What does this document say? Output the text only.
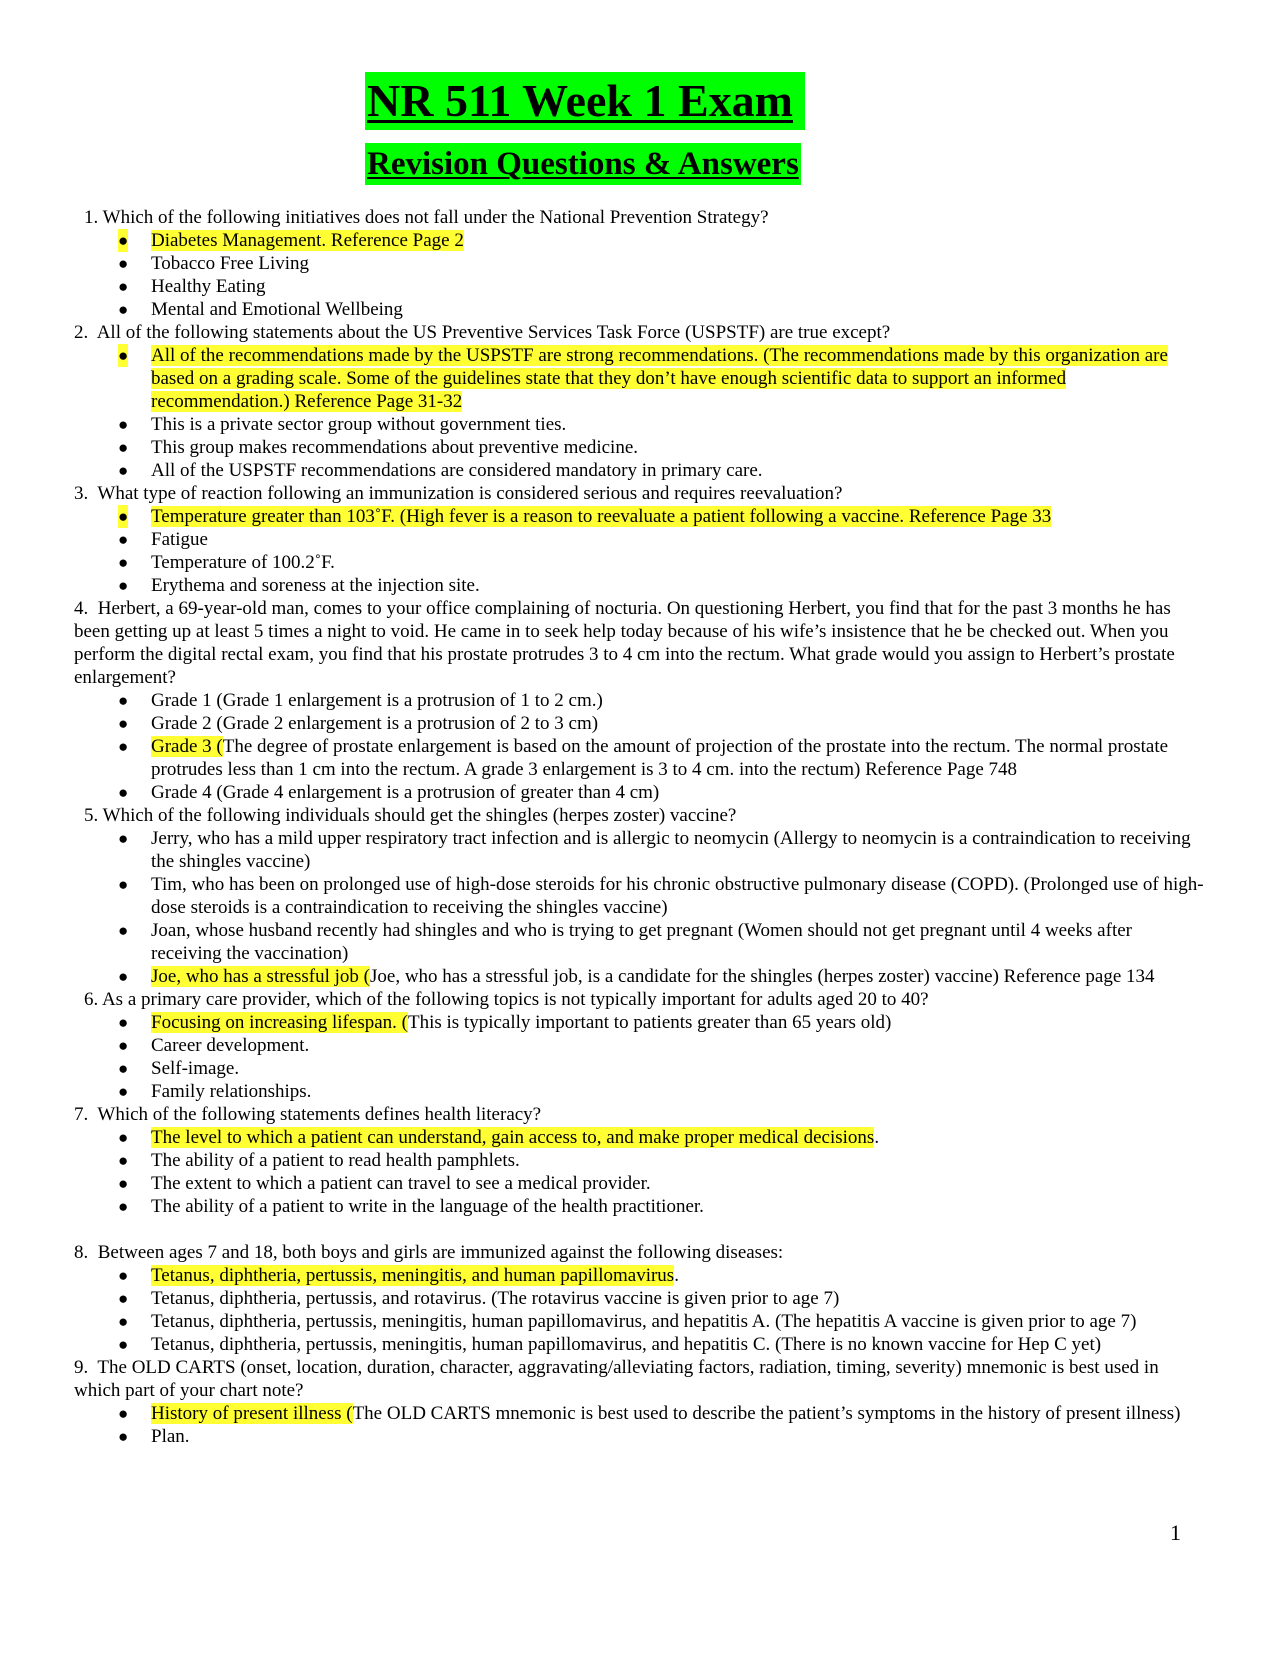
NR 511 Week 1 Exam
Revision Questions & Answers

1. Which of the following initiatives does not fall under the National Prevention Strategy?

● Diabetes Management. Reference Page 2
● Tobacco Free Living
● Healthy Eating
● Mental and Emotional Wellbeing

2.  All of the following statements about the US Preventive Services Task Force (USPSTF) are true except?

● All of the recommendations made by the USPSTF are strong recommendations. (The recommendations made by this organization are based on a grading scale. Some of the guidelines state that they don’t have enough scientific data to support an informed recommendation.) Reference Page 31-32
● This is a private sector group without government ties.
● This group makes recommendations about preventive medicine.
● All of the USPSTF recommendations are considered mandatory in primary care.

3.  What type of reaction following an immunization is considered serious and requires reevaluation?

● Temperature greater than 103˚F. (High fever is a reason to reevaluate a patient following a vaccine. Reference Page 33
● Fatigue
● Temperature of 100.2˚F.
● Erythema and soreness at the injection site.

4.  Herbert, a 69-year-old man, comes to your office complaining of nocturia. On questioning Herbert, you find that for the past 3 months he has been getting up at least 5 times a night to void. He came in to seek help today because of his wife’s insistence that he be checked out. When you perform the digital rectal exam, you find that his prostate protrudes 3 to 4 cm into the rectum. What grade would you assign to Herbert’s prostate enlargement?

● Grade 1 (Grade 1 enlargement is a protrusion of 1 to 2 cm.)
● Grade 2 (Grade 2 enlargement is a protrusion of 2 to 3 cm)
● Grade 3 (The degree of prostate enlargement is based on the amount of projection of the prostate into the rectum. The normal prostate protrudes less than 1 cm into the rectum. A grade 3 enlargement is 3 to 4 cm. into the rectum) Reference Page 748
● Grade 4 (Grade 4 enlargement is a protrusion of greater than 4 cm)

5. Which of the following individuals should get the shingles (herpes zoster) vaccine?

● Jerry, who has a mild upper respiratory tract infection and is allergic to neomycin (Allergy to neomycin is a contraindication to receiving the shingles vaccine)
● Tim, who has been on prolonged use of high-dose steroids for his chronic obstructive pulmonary disease (COPD). (Prolonged use of high-dose steroids is a contraindication to receiving the shingles vaccine)
● Joan, whose husband recently had shingles and who is trying to get pregnant (Women should not get pregnant until 4 weeks after receiving the vaccination)
● Joe, who has a stressful job (Joe, who has a stressful job, is a candidate for the shingles (herpes zoster) vaccine) Reference page 134

6. As a primary care provider, which of the following topics is not typically important for adults aged 20 to 40?

● Focusing on increasing lifespan. (This is typically important to patients greater than 65 years old)
● Career development.
● Self-image.
● Family relationships.

7.  Which of the following statements defines health literacy?

● The level to which a patient can understand, gain access to, and make proper medical decisions.
● The ability of a patient to read health pamphlets.
● The extent to which a patient can travel to see a medical provider.
● The ability of a patient to write in the language of the health practitioner.

8.  Between ages 7 and 18, both boys and girls are immunized against the following diseases:

● Tetanus, diphtheria, pertussis, meningitis, and human papillomavirus.
● Tetanus, diphtheria, pertussis, and rotavirus. (The rotavirus vaccine is given prior to age 7)
● Tetanus, diphtheria, pertussis, meningitis, human papillomavirus, and hepatitis A. (The hepatitis A vaccine is given prior to age 7)
● Tetanus, diphtheria, pertussis, meningitis, human papillomavirus, and hepatitis C. (There is no known vaccine for Hep C yet)

9.  The OLD CARTS (onset, location, duration, character, aggravating/alleviating factors, radiation, timing, severity) mnemonic is best used in which part of your chart note?

● History of present illness (The OLD CARTS mnemonic is best used to describe the patient’s symptoms in the history of present illness)
● Plan.
1
